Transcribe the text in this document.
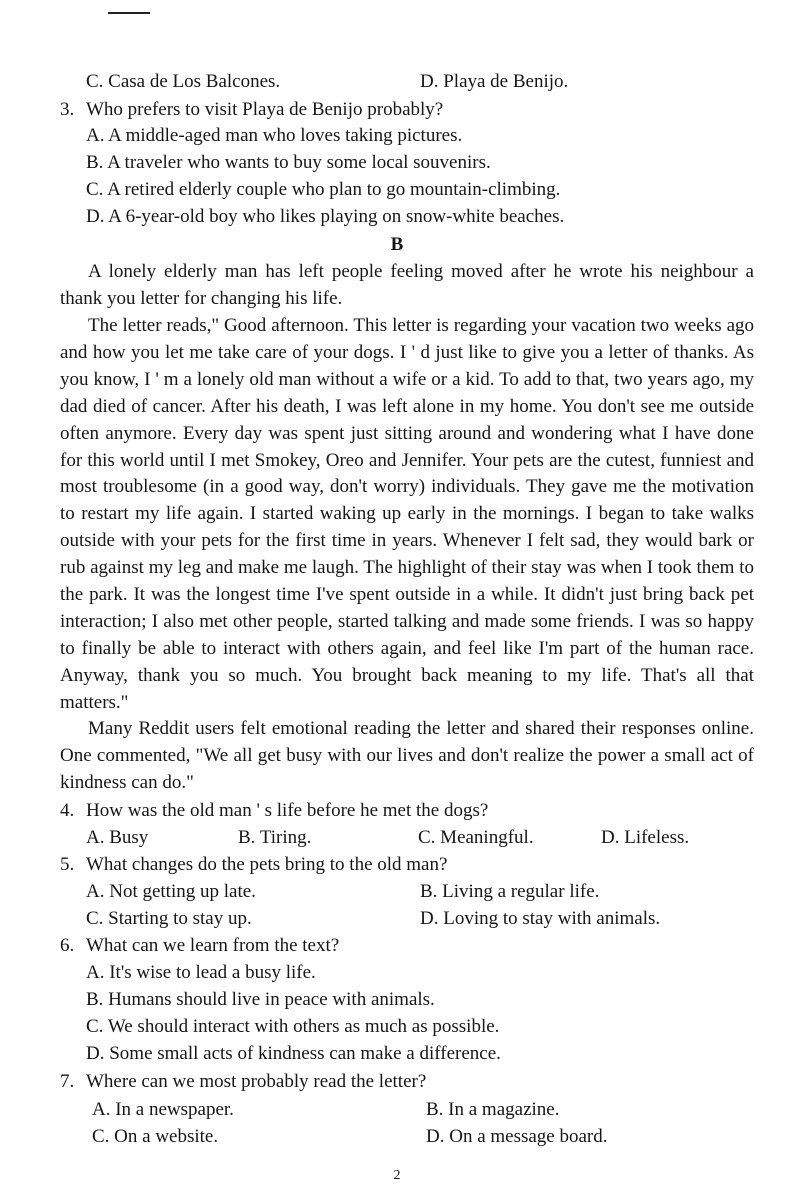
C. Casa de Los Balcones.	D. Playa de Benijo.
3. Who prefers to visit Playa de Benijo probably?
A. A middle-aged man who loves taking pictures.
B. A traveler who wants to buy some local souvenirs.
C. A retired elderly couple who plan to go mountain-climbing.
D. A 6-year-old boy who likes playing on snow-white beaches.
B
A lonely elderly man has left people feeling moved after he wrote his neighbour a thank you letter for changing his life.
The letter reads," Good afternoon. This letter is regarding your vacation two weeks ago and how you let me take care of your dogs. I ' d just like to give you a letter of thanks. As you know, I ' m a lonely old man without a wife or a kid. To add to that, two years ago, my dad died of cancer. After his death, I was left alone in my home. You don't see me outside often anymore. Every day was spent just sitting around and wondering what I have done for this world until I met Smokey, Oreo and Jennifer. Your pets are the cutest, funniest and most troublesome (in a good way, don't worry) individuals. They gave me the motivation to restart my life again. I started waking up early in the mornings. I began to take walks outside with your pets for the first time in years. Whenever I felt sad, they would bark or rub against my leg and make me laugh. The highlight of their stay was when I took them to the park. It was the longest time I've spent outside in a while. It didn't just bring back pet interaction; I also met other people, started talking and made some friends. I was so happy to finally be able to interact with others again, and feel like I'm part of the human race. Anyway, thank you so much. You brought back meaning to my life. That's all that matters."
Many Reddit users felt emotional reading the letter and shared their responses online. One commented, "We all get busy with our lives and don't realize the power a small act of kindness can do."
4. How was the old man ' s life before he met the dogs?
A. Busy	B. Tiring.	C. Meaningful.	D. Lifeless.
5. What changes do the pets bring to the old man?
A. Not getting up late.	B. Living a regular life.
C. Starting to stay up.	D. Loving to stay with animals.
6. What can we learn from the text?
A. It's wise to lead a busy life.
B. Humans should live in peace with animals.
C. We should interact with others as much as possible.
D. Some small acts of kindness can make a difference.
7. Where can we most probably read the letter?
A. In a newspaper.	B. In a magazine.
C. On a website.	D. On a message board.
2
